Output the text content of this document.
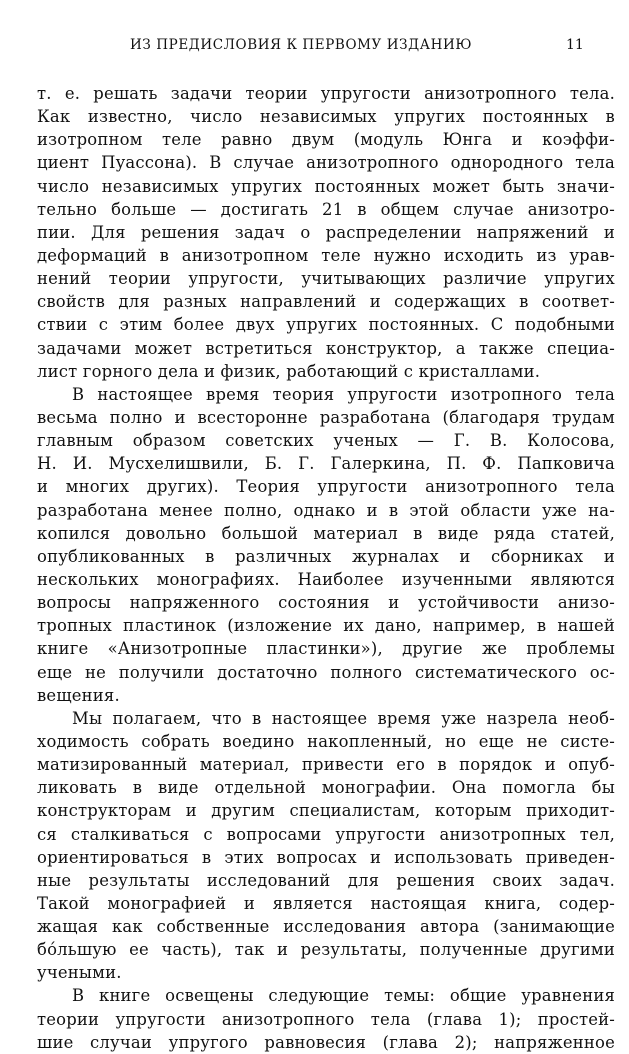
ИЗ ПРЕДИСЛОВИЯ К ПЕРВОМУ ИЗДАНИЮ	11
т. е. решать задачи теории упругости анизотропного тела.
Как известно, число независимых упругих постоянных в
изотропном теле равно двум (модуль Юнга и коэффи-
циент Пуассона). В случае анизотропного однородного тела
число независимых упругих постоянных может быть значи-
тельно больше — достигать 21 в общем случае анизотро-
пии. Для решения задач о распределении напряжений и
деформаций в анизотропном теле нужно исходить из урав-
нений теории упругости, учитывающих различие упругих
свойств для разных направлений и содержащих в соответ-
ствии с этим более двух упругих постоянных. С подобными
задачами может встретиться конструктор, а также специа-
лист горного дела и физик, работающий с кристаллами.
В настоящее время теория упругости изотропного тела
весьма полно и всесторонне разработана (благодаря трудам
главным образом советских ученых — Г. В. Колосова,
Н. И. Мусхелишвили, Б. Г. Галеркина, П. Ф. Папковича
и многих других). Теория упругости анизотропного тела
разработана менее полно, однако и в этой области уже на-
копился довольно большой материал в виде ряда статей,
опубликованных в различных журналах и сборниках и
нескольких монографиях. Наиболее изученными являются
вопросы напряженного состояния и устойчивости анизо-
тропных пластинок (изложение их дано, например, в нашей
книге «Анизотропные пластинки»), другие же проблемы
еще не получили достаточно полного систематического ос-
вещения.
Мы полагаем, что в настоящее время уже назрела необ-
ходимость собрать воедино накопленный, но еще не систе-
матизированный материал, привести его в порядок и опуб-
ликовать в виде отдельной монографии. Она помогла бы
конструкторам и другим специалистам, которым приходит-
ся сталкиваться с вопросами упругости анизотропных тел,
ориентироваться в этих вопросах и использовать приведен-
ные результаты исследований для решения своих задач.
Такой монографией и является настоящая книга, содер-
жащая как собственные исследования автора (занимающие
бо́льшую ее часть), так и результаты, полученные другими
учеными.
В книге освещены следующие темы: общие уравнения
теории упругости анизотропного тела (глава 1); простей-
шие случаи упругого равновесия (глава 2); напряженное
